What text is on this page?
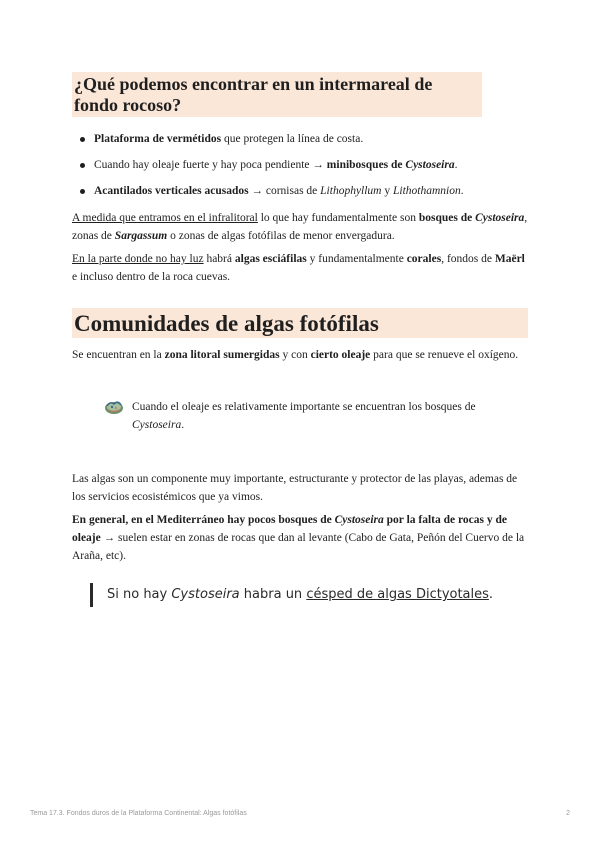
¿Qué podemos encontrar en un intermareal de fondo rocoso?
Plataforma de vermétidos que protegen la línea de costa.
Cuando hay oleaje fuerte y hay poca pendiente → minibosques de Cystoseira.
Acantilados verticales acusados → cornisas de Lithophyllum y Lithothamnion.

A medida que entramos en el infralitoral lo que hay fundamentalmente son bosques de Cystoseira, zonas de Sargassum o zonas de algas fotófilas de menor envergadura.

En la parte donde no hay luz habrá algas esciáfilas y fundamentalmente corales, fondos de Maërl e incluso dentro de la roca cuevas.

Comunidades de algas fotófilas

Se encuentran en la zona litoral sumergidas y con cierto oleaje para que se renueve el oxígeno.

Cuando el oleaje es relativamente importante se encuentran los bosques de Cystoseira.

Las algas son un componente muy importante, estructurante y protector de las playas, ademas de los servicios ecosistémicos que ya vimos.

En general, en el Mediterráneo hay pocos bosques de Cystoseira por la falta de rocas y de oleaje → suelen estar en zonas de rocas que dan al levante (Cabo de Gata, Peñón del Cuervo de la Araña, etc).

Si no hay Cystoseira habra un césped de algas Dictyotales.
Tema 17.3. Fondos duros de la Plataforma Continental: Algas fotófilas	2
